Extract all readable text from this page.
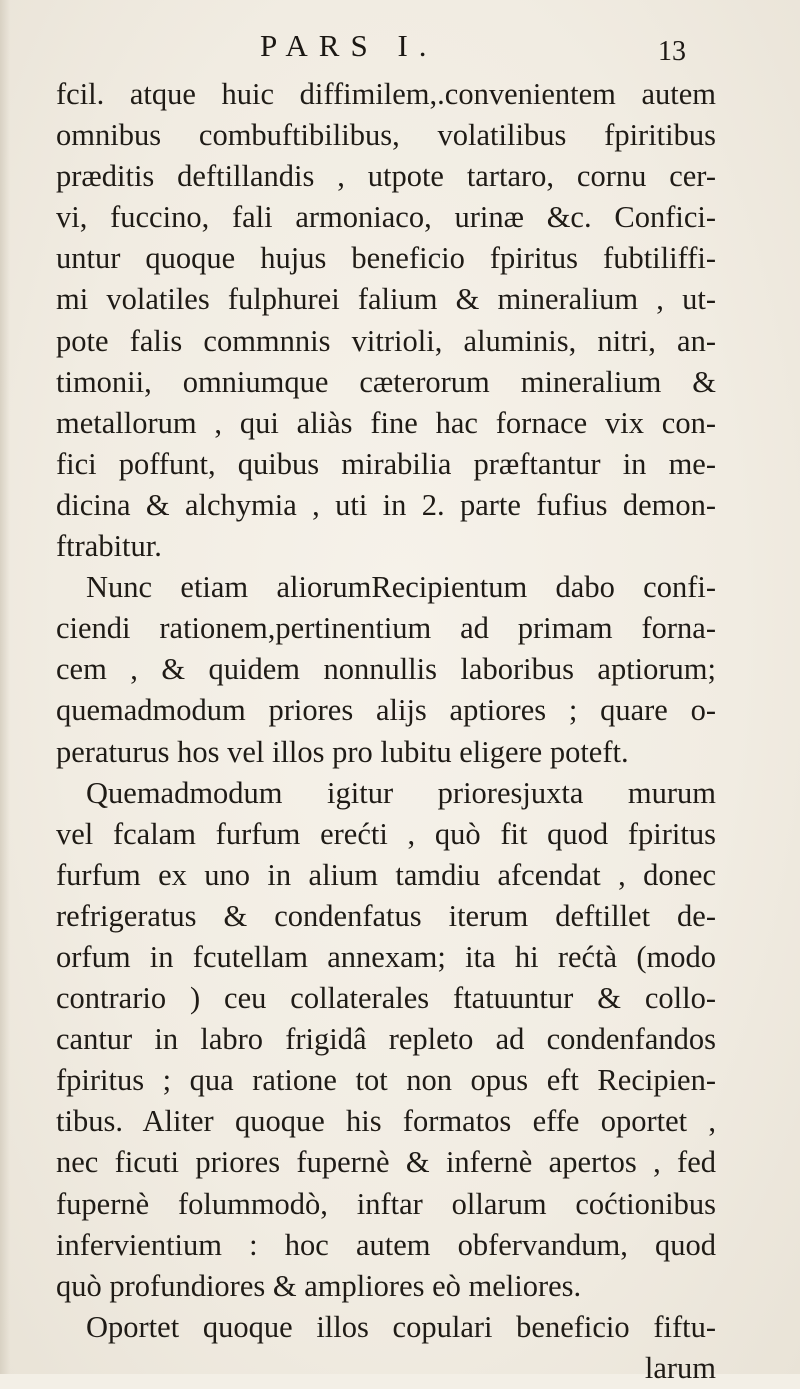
PARS I.	13
fcil. atque huic diffimilem,.convenientem autem
omnibus combuftibilibus, volatilibus fpiritibus
præditis deftillandis , utpote tartaro, cornu cer-
vi, fuccino, fali armoniaco, urinæ &c. Confici-
untur quoque hujus beneficio fpiritus fubtiliffi-
mi volatiles fulphurei falium & mineralium , ut-
pote falis commnnis vitrioli, aluminis, nitri, an-
timonii, omniumque cæterorum mineralium &
metallorum , qui aliàs fine hac fornace vix con-
fici poffunt, quibus mirabilia præftantur in me-
dicina & alchymia , uti in 2. parte fufius demon-
ftrabitur.
Nunc etiam aliorumRecipientum dabo confi-
ciendi rationem,pertinentium ad primam forna-
cem , & quidem nonnullis laboribus aptiorum;
quemadmodum priores alijs aptiores ; quare o-
peraturus hos vel illos pro lubitu eligere poteft.
Quemadmodum igitur prioresjuxta murum
vel fcalam furfum erećti , quò fit quod fpiritus
furfum ex uno in alium tamdiu afcendat , donec
refrigeratus & condenfatus iterum deftillet de-
orfum in fcutellam annexam; ita hi rećtà (modo
contrario ) ceu collaterales ftatuuntur & collo-
cantur in labro frigidâ repleto ad condenfandos
fpiritus ; qua ratione tot non opus eft Recipien-
tibus. Aliter quoque his formatos effe oportet ,
nec ficuti priores fupernè & infernè apertos , fed
fupernè folummodò, inftar ollarum coćtionibus
infervientium : hoc autem obfervandum, quod
quò profundiores & ampliores eò meliores.
Oportet quoque illos copulari beneficio fiftu-
larum
